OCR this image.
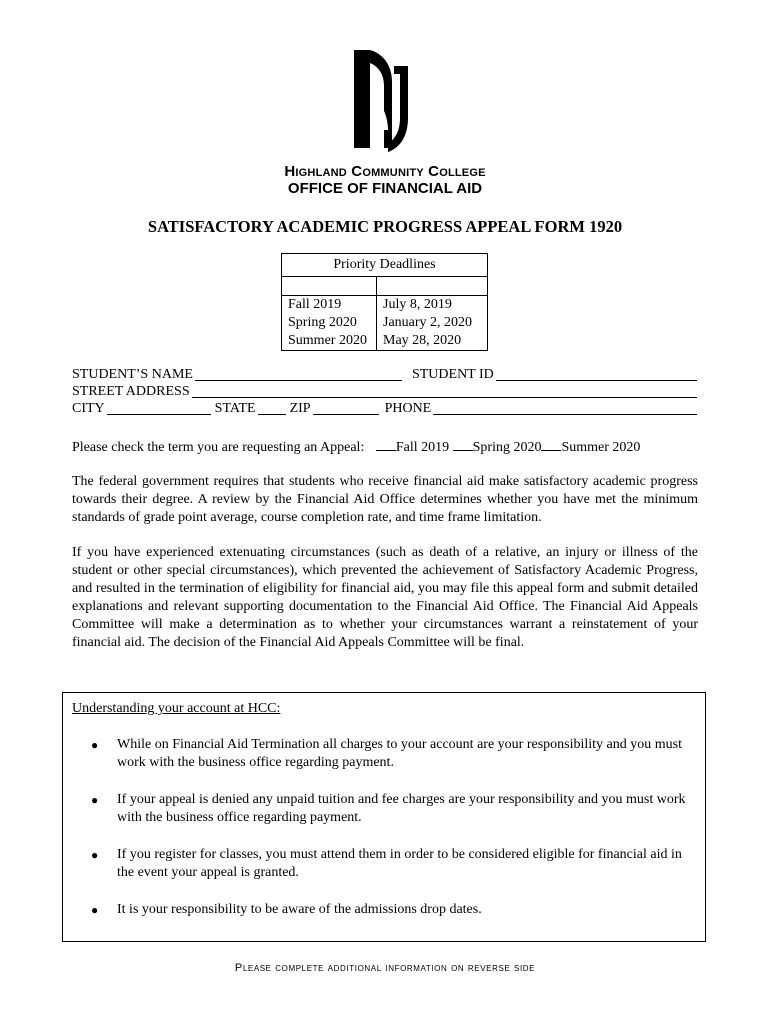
Highland Community College
OFFICE OF FINANCIAL AID
SATISFACTORY ACADEMIC PROGRESS APPEAL FORM 1920
Priority Deadlines	

Fall 2019	July 8, 2019
Spring 2020	January 2, 2020
Summer 2020	May 28, 2020
STUDENT’S NAME	STUDENT ID
STREET ADDRESS
CITY	STATE ZIP	PHONE
Please check the term you are requesting an Appeal: Fall 2019 Spring 2020 Summer 2020
The federal government requires that students who receive financial aid make satisfactory academic progress towards their degree. A review by the Financial Aid Office determines whether you have met the minimum standards of grade point average, course completion rate, and time frame limitation.
If you have experienced extenuating circumstances (such as death of a relative, an injury or illness of the student or other special circumstances), which prevented the achievement of Satisfactory Academic Progress, and resulted in the termination of eligibility for financial aid, you may file this appeal form and submit detailed explanations and relevant supporting documentation to the Financial Aid Office. The Financial Aid Appeals Committee will make a determination as to whether your circumstances warrant a reinstatement of your financial aid. The decision of the Financial Aid Appeals Committee will be final.
Understanding your account at HCC:
●	While on Financial Aid Termination all charges to your account are your responsibility and you must work with the business office regarding payment.
●	If your appeal is denied any unpaid tuition and fee charges are your responsibility and you must work with the business office regarding payment.
●	If you register for classes, you must attend them in order to be considered eligible for financial aid in the event your appeal is granted.
●	It is your responsibility to be aware of the admissions drop dates.
Please complete additional information on reverse side
